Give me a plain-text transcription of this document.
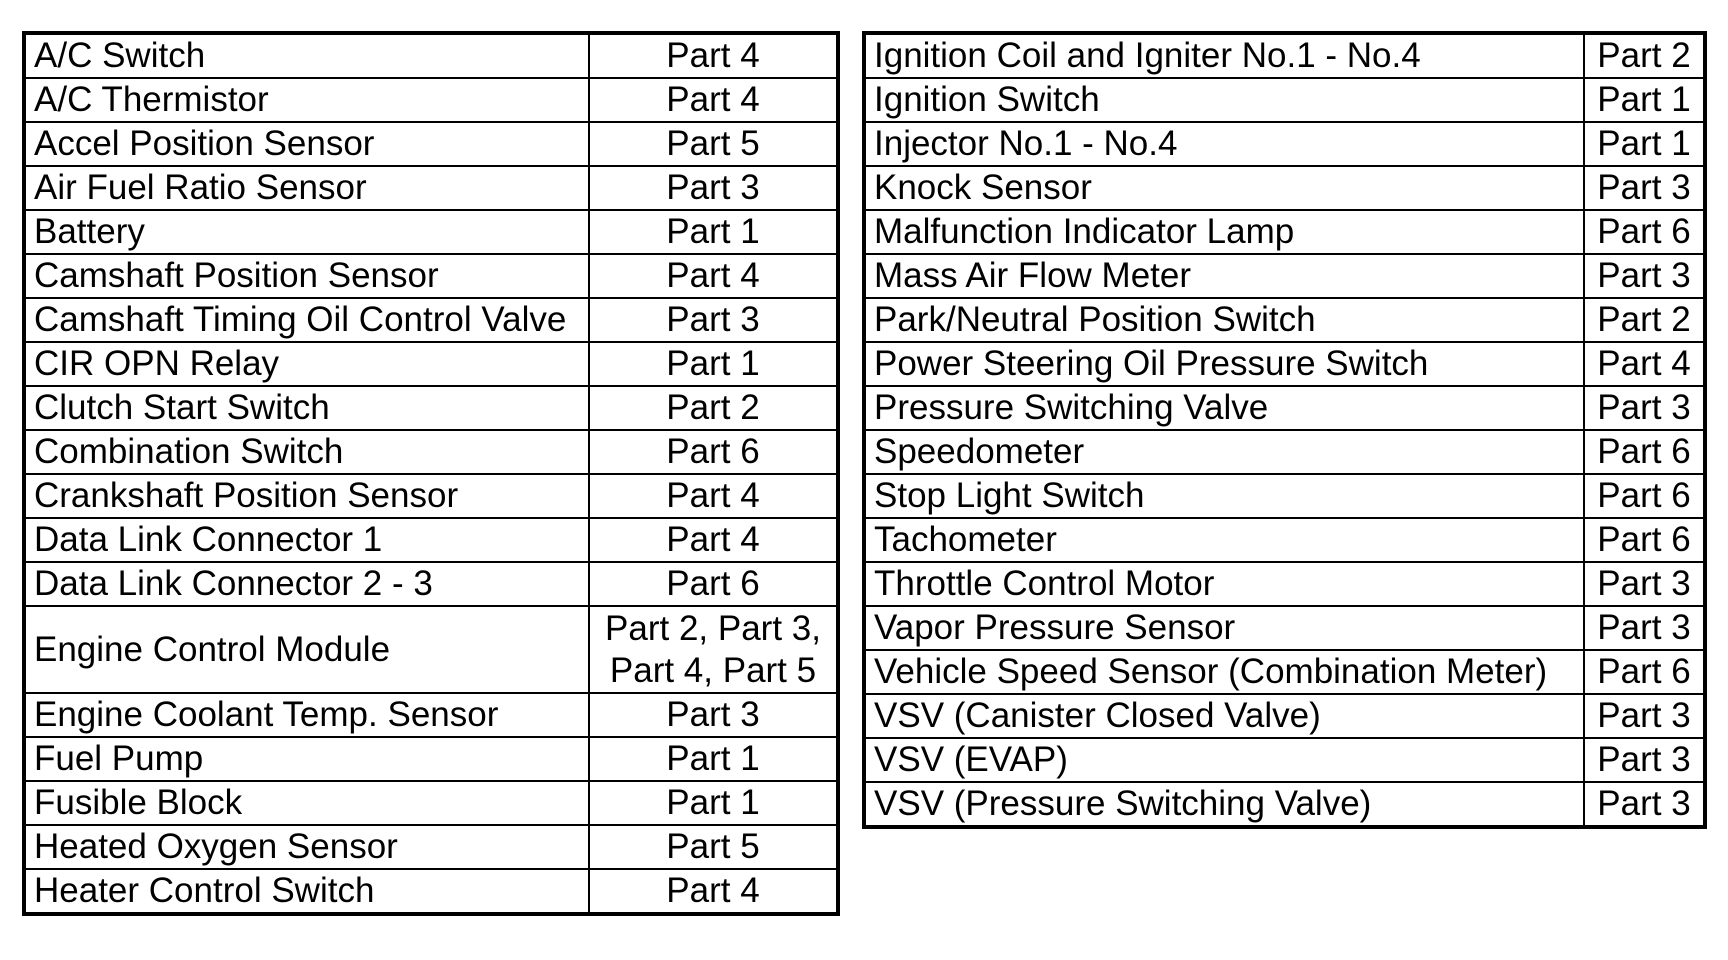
A/C Switch	Part 4

A/C Thermistor	Part 4

Accel Position Sensor	Part 5

Air Fuel Ratio Sensor	Part 3

Battery	Part 1

Camshaft Position Sensor	Part 4

Camshaft Timing Oil Control Valve	Part 3

CIR OPN Relay	Part 1

Clutch Start Switch	Part 2

Combination Switch	Part 6

Crankshaft Position Sensor	Part 4

Data Link Connector 1	Part 4

Data Link Connector 2 - 3	Part 6

Engine Control Module	Part 2, Part 3,
Part 4, Part 5

Engine Coolant Temp. Sensor	Part 3

Fuel Pump	Part 1

Fusible Block	Part 1

Heated Oxygen Sensor	Part 5

Heater Control Switch	Part 4
Ignition Coil and Igniter No.1 - No.4	Part 2

Ignition Switch	Part 1

Injector No.1 - No.4	Part 1

Knock Sensor	Part 3

Malfunction Indicator Lamp	Part 6

Mass Air Flow Meter	Part 3

Park/Neutral Position Switch	Part 2

Power Steering Oil Pressure Switch	Part 4

Pressure Switching Valve	Part 3

Speedometer	Part 6

Stop Light Switch	Part 6

Tachometer	Part 6

Throttle Control Motor	Part 3

Vapor Pressure Sensor	Part 3

Vehicle Speed Sensor (Combination Meter)	Part 6

VSV (Canister Closed Valve)	Part 3

VSV (EVAP)	Part 3

VSV (Pressure Switching Valve)	Part 3
